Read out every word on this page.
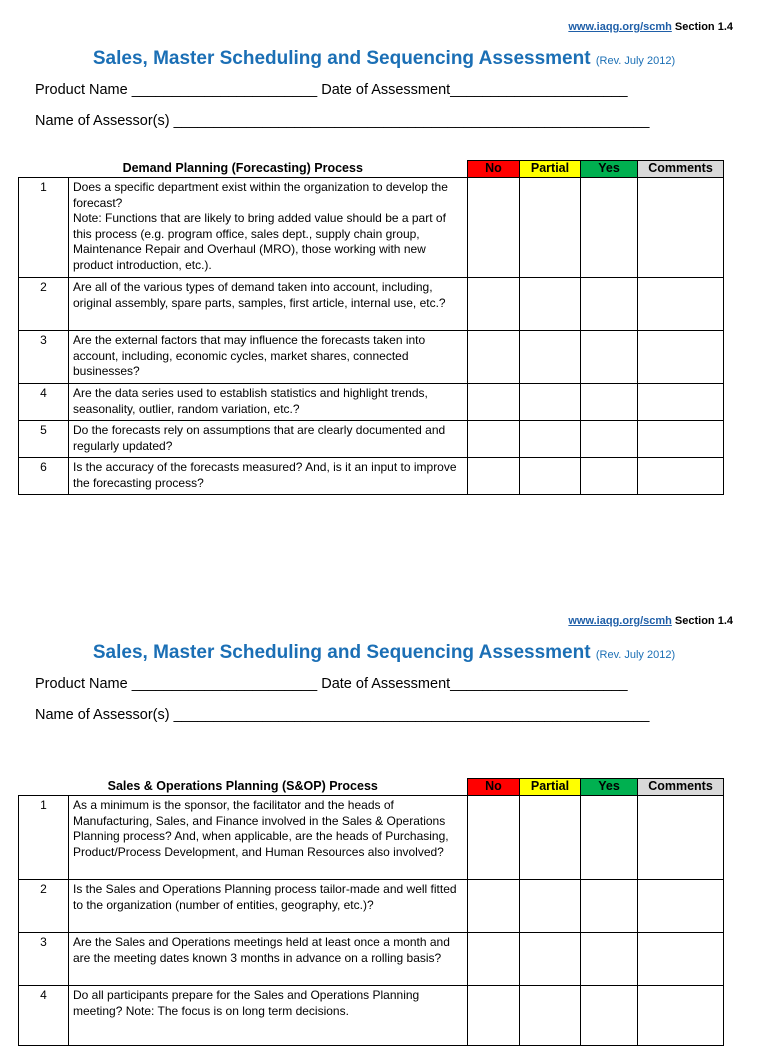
www.iaqg.org/scmh Section 1.4
Sales, Master Scheduling and Sequencing Assessment (Rev. July 2012)
Product Name _______________________ Date of Assessment______________________
Name of Assessor(s) ___________________________________________________________
Demand Planning (Forecasting) Process		No	Partial	Yes	Comments
1	Does a specific department exist within the organization to develop the forecast?
Note: Functions that are likely to bring added value should be a part of this process (e.g. program office, sales dept., supply chain group, Maintenance Repair and Overhaul (MRO), those working with new product introduction, etc.).				
2	Are all of the various types of demand taken into account, including, original assembly, spare parts, samples, first article, internal use, etc.?				
3	Are the external factors that may influence the forecasts taken into account, including, economic cycles, market shares, connected businesses?				
4	Are the data series used to establish statistics and highlight trends, seasonality, outlier, random variation, etc.?				
5	Do the forecasts rely on assumptions that are clearly documented and regularly updated?				
6	Is the accuracy of the forecasts measured? And, is it an input to improve the forecasting process?				
www.iaqg.org/scmh Section 1.4
Sales, Master Scheduling and Sequencing Assessment (Rev. July 2012)
Product Name _______________________ Date of Assessment______________________
Name of Assessor(s) ___________________________________________________________
Sales & Operations Planning (S&OP) Process		No	Partial	Yes	Comments
1	As a minimum is the sponsor, the facilitator and the heads of Manufacturing, Sales, and Finance involved in the Sales & Operations Planning process? And, when applicable, are the heads of Purchasing, Product/Process Development, and Human Resources also involved?				
2	Is the Sales and Operations Planning process tailor-made and well fitted to the organization (number of entities, geography, etc.)?				
3	Are the Sales and Operations meetings held at least once a month and are the meeting dates known 3 months in advance on a rolling basis?				
4	Do all participants prepare for the Sales and Operations Planning meeting? Note: The focus is on long term decisions.				
